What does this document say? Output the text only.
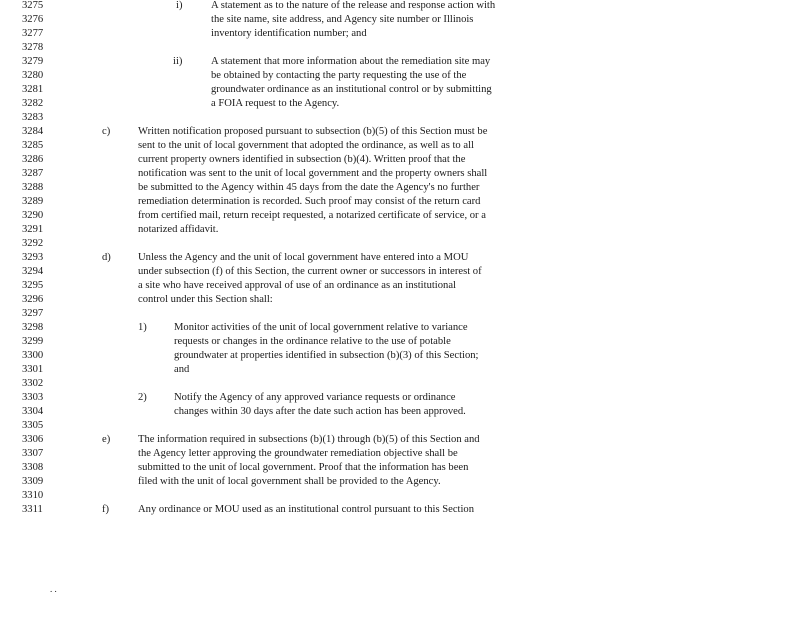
3275
3276
3277
3278
3279
3280
3281
3282
3283
3284
3285
3286
3287
3288
3289
3290
3291
3292
3293
3294
3295
3296
3297
3298
3299
3300
3301
3302
3303
3304
3305
3306
3307
3308
3309
3310
3311
i)	A statement as to the nature of the release and response action with
the site name, site address, and Agency site number or Illinois
inventory identification number; and
ii)	A statement that more information about the remediation site may
be obtained by contacting the party requesting the use of the
groundwater ordinance as an institutional control or by submitting
a FOIA request to the Agency.
c)	Written notification proposed pursuant to subsection (b)(5) of this Section must be
sent to the unit of local government that adopted the ordinance, as well as to all
current property owners identified in subsection (b)(4). Written proof that the
notification was sent to the unit of local government and the property owners shall
be submitted to the Agency within 45 days from the date the Agency's no further
remediation determination is recorded. Such proof may consist of the return card
from certified mail, return receipt requested, a notarized certificate of service, or a
notarized affidavit.
d)	Unless the Agency and the unit of local government have entered into a MOU
under subsection (f) of this Section, the current owner or successors in interest of
a site who have received approval of use of an ordinance as an institutional
control under this Section shall:
1)	Monitor activities of the unit of local government relative to variance
requests or changes in the ordinance relative to the use of potable
groundwater at properties identified in subsection (b)(3) of this Section;
and
2)	Notify the Agency of any approved variance requests or ordinance
changes within 30 days after the date such action has been approved.
e)	The information required in subsections (b)(1) through (b)(5) of this Section and
the Agency letter approving the groundwater remediation objective shall be
submitted to the unit of local government. Proof that the information has been
filed with the unit of local government shall be provided to the Agency.
f)	Any ordinance or MOU used as an institutional control pursuant to this Section
. .
